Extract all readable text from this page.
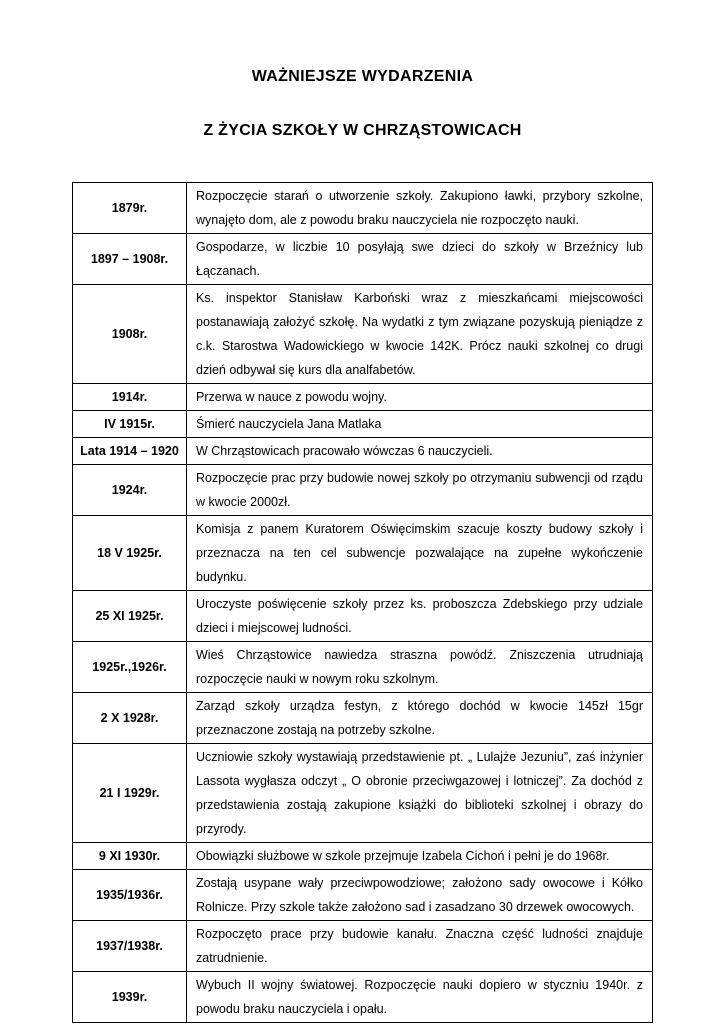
WAŻNIEJSZE WYDARZENIA
Z ŻYCIA SZKOŁY W CHRZĄSTOWICACH
1879r.	Rozpoczęcie starań o utworzenie szkoły. Zakupiono ławki, przybory szkolne, wynajęto dom, ale z powodu braku nauczyciela nie rozpoczęto nauki.
1897 – 1908r.	Gospodarze, w liczbie 10 posyłają swe dzieci do szkoły w Brzeźnicy lub Łączanach.
1908r.	Ks. inspektor Stanisław Karboński wraz z mieszkańcami miejscowości postanawiają założyć szkołę. Na wydatki z tym związane pozyskują pieniądze z c.k. Starostwa Wadowickiego w kwocie 142K. Prócz nauki szkolnej co drugi dzień odbywał się kurs dla analfabetów.
1914r.	Przerwa w nauce z powodu wojny.
IV 1915r.	Śmierć nauczyciela Jana Matlaka
Lata 1914 – 1920	W Chrząstowicach pracowało wówczas 6 nauczycieli.
1924r.	Rozpoczęcie prac przy budowie nowej szkoły po otrzymaniu subwencji od rządu w kwocie 2000zł.
18 V 1925r.	Komisja z panem Kuratorem Oświęcimskim szacuje koszty budowy szkoły i przeznacza na ten cel subwencje pozwalające na zupełne wykończenie budynku.
25 XI 1925r.	Uroczyste poświęcenie szkoły przez ks. proboszcza Zdebskiego przy udziale dzieci i miejscowej ludności.
1925r.,1926r.	Wieś Chrząstowice nawiedza straszna powódź. Zniszczenia utrudniają rozpoczęcie nauki w nowym roku szkolnym.
2 X 1928r.	Zarząd szkoły urządza festyn, z którego dochód w kwocie 145zł 15gr przeznaczone zostają na potrzeby szkolne.
21 I 1929r.	Uczniowie szkoły wystawiają przedstawienie pt. „ Lulajże Jezuniu”, zaś inżynier Lassota wygłasza odczyt „ O obronie przeciwgazowej i lotniczej”. Za dochód z przedstawienia zostają zakupione książki do biblioteki szkolnej i obrazy do przyrody.
9 XI 1930r.	Obowiązki służbowe w szkole przejmuje Izabela Cichoń i pełni je do 1968r.
1935/1936r.	Zostają usypane wały przeciwpowodziowe; założono sady owocowe i Kółko Rolnicze. Przy szkole także założono sad i zasadzano 30 drzewek owocowych.
1937/1938r.	Rozpoczęto prace przy budowie kanału. Znaczna część ludności znajduje zatrudnienie.
1939r.	Wybuch II wojny światowej. Rozpoczęcie nauki dopiero w styczniu 1940r. z powodu braku nauczyciela i opału.
